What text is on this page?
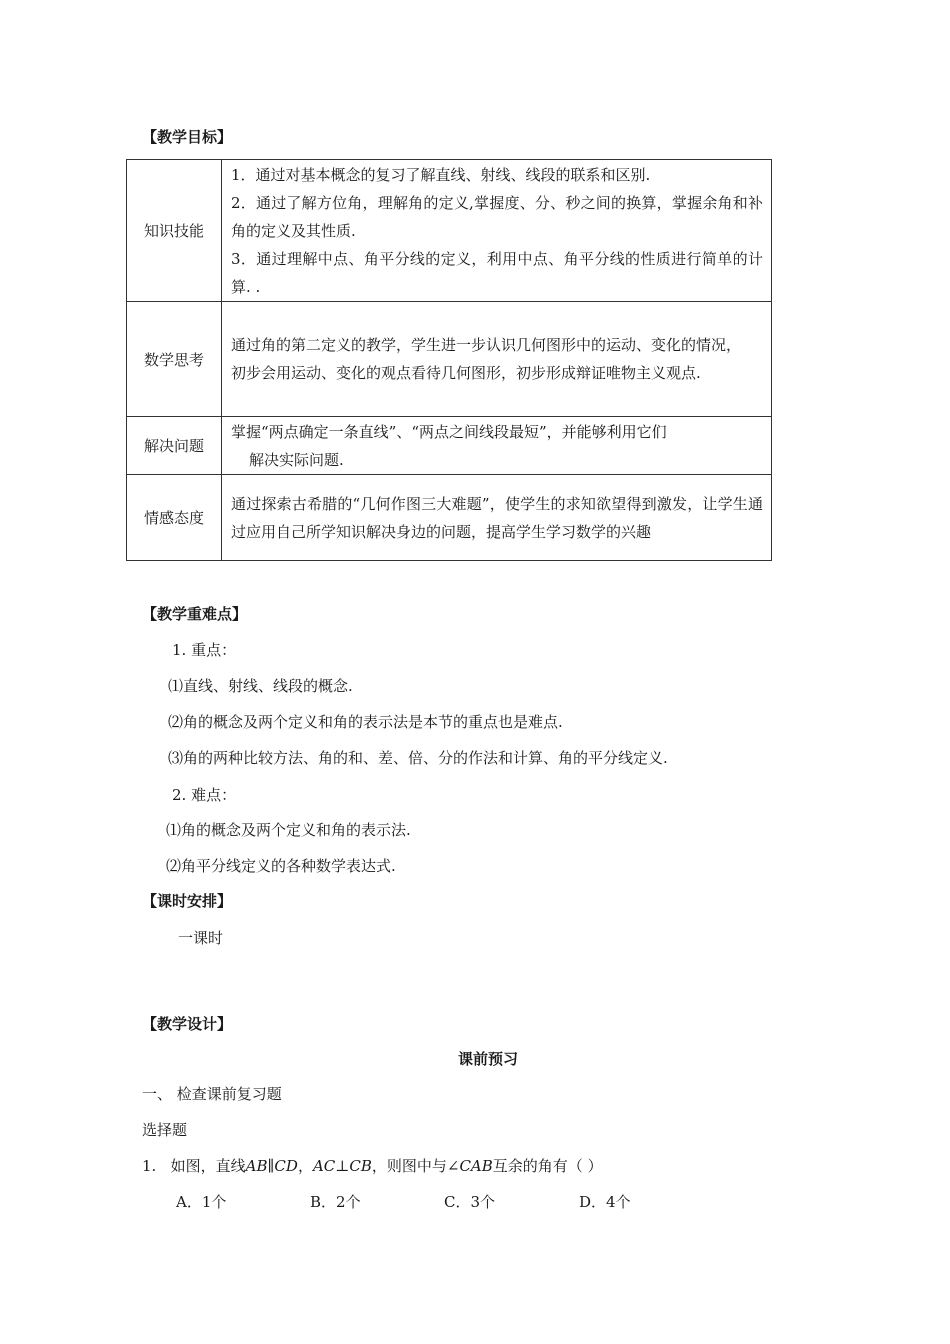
【教学目标】
知识技能	1．通过对基本概念的复习了解直线、射线、线段的联系和区别.
2．通过了解方位角，理解角的定义,掌握度、分、秒之间的换算，掌握余角和补角的定义及其性质.
3．通过理解中点、角平分线的定义，利用中点、角平分线的性质进行简单的计算. .

数学思考	通过角的第二定义的教学，学生进一步认识几何图形中的运动、变化的情况，
初步会用运动、变化的观点看待几何图形，初步形成辩证唯物主义观点.

解决问题	掌握“两点确定一条直线”、“两点之间线段最短”，并能够利用它们
解决实际问题.

情感态度	通过探索古希腊的“几何作图三大难题”，使学生的求知欲望得到激发，让学生通过应用自己所学知识解决身边的问题，提高学生学习数学的兴趣
【教学重难点】
1. 重点：
⑴直线、射线、线段的概念.
⑵角的概念及两个定义和角的表示法是本节的重点也是难点.
⑶角的两种比较方法、角的和、差、倍、分的作法和计算、角的平分线定义.
2. 难点：
⑴角的概念及两个定义和角的表示法.
⑵角平分线定义的各种数学表达式.
【课时安排】
一课时
【教学设计】
课前预习
一、 检查课前复习题
选择题
1. 如图，直线AB∥CD，AC⊥CB，则图中与∠CAB互余的角有（ ）
A．1个	B．2个	C．3个	D．4个
